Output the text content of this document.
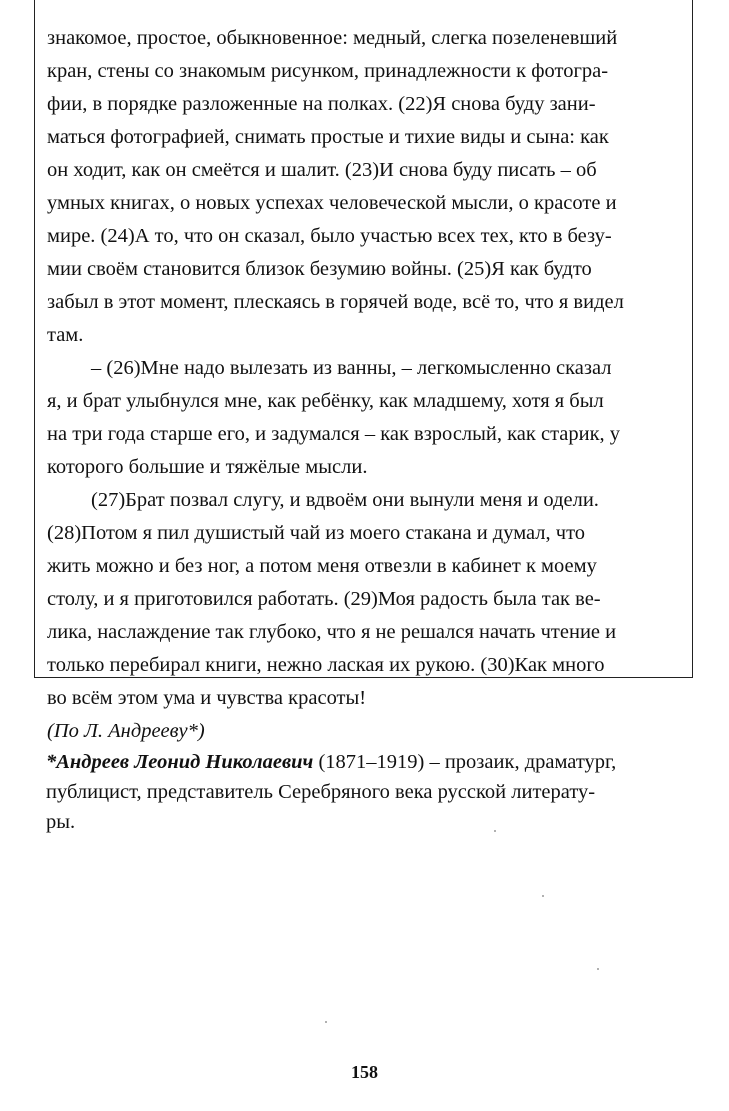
знакомое, простое, обыкновенное: медный, слегка позеленевший
кран, стены со знакомым рисунком, принадлежности к фотогра-
фии, в порядке разложенные на полках. (22)Я снова буду зани-
маться фотографией, снимать простые и тихие виды и сына: как
он ходит, как он смеётся и шалит. (23)И снова буду писать – об
умных книгах, о новых успехах человеческой мысли, о красоте и
мире. (24)А то, что он сказал, было участью всех тех, кто в безу-
мии своём становится близок безумию войны. (25)Я как будто
забыл в этот момент, плескаясь в горячей воде, всё то, что я видел
там.
– (26)Мне надо вылезать из ванны, – легкомысленно сказал
я, и брат улыбнулся мне, как ребёнку, как младшему, хотя я был
на три года старше его, и задумался – как взрослый, как старик, у
которого большие и тяжёлые мысли.
(27)Брат позвал слугу, и вдвоём они вынули меня и одели.
(28)Потом я пил душистый чай из моего стакана и думал, что
жить можно и без ног, а потом меня отвезли в кабинет к моему
столу, и я приготовился работать. (29)Моя радость была так ве-
лика, наслаждение так глубоко, что я не решался начать чтение и
только перебирал книги, нежно лаская их рукою. (30)Как много
во всём этом ума и чувства красоты!
(По Л. Андрееву*)
*Андреев Леонид Николаевич (1871–1919) – прозаик, драматург,
публицист, представитель Серебряного века русской литерату-
ры.
158
